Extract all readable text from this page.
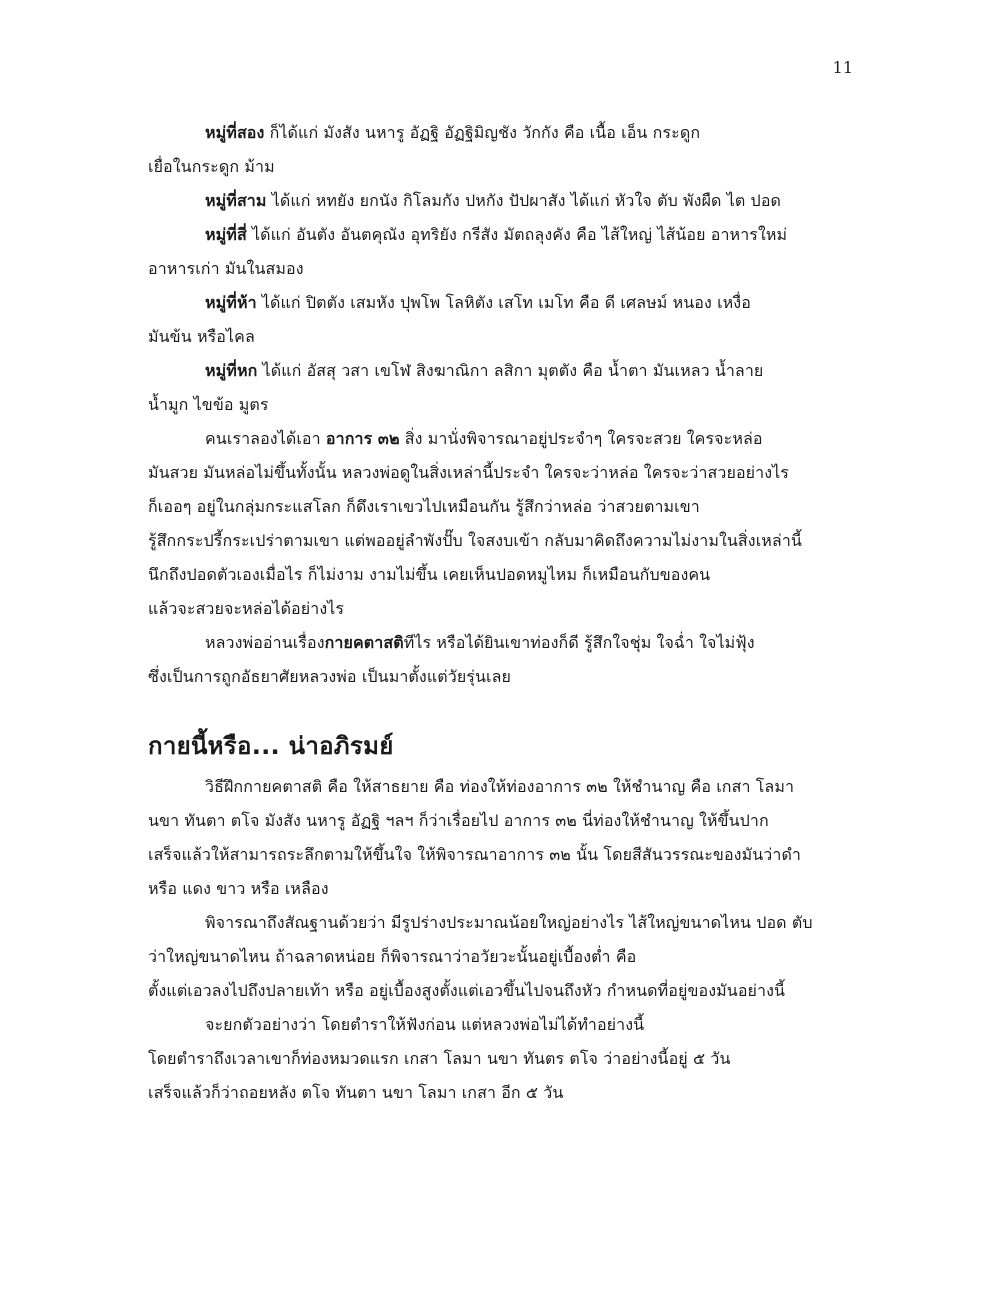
11

หมู่ที่สอง ก็ได้แก่ มังสัง นหารู อัฏฐิ อัฏฐิมิญชัง วักกัง คือ เนื้อ เอ็น กระดูก

เยื่อในกระดูก ม้าม

หมู่ที่สาม ได้แก่ หทยัง ยกนัง กิโลมกัง ปหกัง ปัปผาสัง ได้แก่ หัวใจ ตับ พังผืด ไต ปอด

หมู่ที่สี่ ได้แก่ อันตัง อันตคุณัง อุทริยัง กรีสัง มัตถลุงคัง คือ ไส้ใหญ่ ไส้น้อย อาหารใหม่

อาหารเก่า มันในสมอง

หมู่ที่ห้า ได้แก่ ปิตตัง เสมหัง ปุพโพ โลหิตัง เสโท เมโท คือ ดี เศลษม์ หนอง เหงื่อ

มันข้น หรือไคล

หมู่ที่หก ได้แก่ อัสสุ วสา เขโฬ สิงฆาณิกา ลสิกา มุตตัง คือ น้ำตา มันเหลว น้ำลาย

น้ำมูก ไขข้อ มูตร

คนเราลองได้เอา อาการ ๓๒ สิ่ง มานั่งพิจารณาอยู่ประจำๆ ใครจะสวย ใครจะหล่อ

มันสวย มันหล่อไม่ขึ้นทั้งนั้น หลวงพ่อดูในสิ่งเหล่านี้ประจำ ใครจะว่าหล่อ ใครจะว่าสวยอย่างไร

ก็เออๆ อยู่ในกลุ่มกระแสโลก ก็ดึงเราเขวไปเหมือนกัน รู้สึกว่าหล่อ ว่าสวยตามเขา

รู้สึกกระปรี้กระเปร่าตามเขา แต่พออยู่ลำพังปั๊บ ใจสงบเข้า กลับมาคิดถึงความไม่งามในสิ่งเหล่านี้

นึกถึงปอดตัวเองเมื่อไร ก็ไม่งาม งามไม่ขึ้น เคยเห็นปอดหมูไหม ก็เหมือนกับของคน

แล้วจะสวยจะหล่อได้อย่างไร

หลวงพ่ออ่านเรื่องกายคตาสติทีไร หรือได้ยินเขาท่องก็ดี รู้สึกใจชุ่ม ใจฉ่ำ ใจไม่ฟุ้ง

ซึ่งเป็นการถูกอัธยาศัยหลวงพ่อ เป็นมาตั้งแต่วัยรุ่นเลย

กายนี้หรือ... น่าอภิรมย์

วิธีฝึกกายคตาสติ คือ ให้สาธยาย คือ ท่องให้ท่องอาการ ๓๒ ให้ชำนาญ คือ เกสา โลมา

นขา ทันตา ตโจ มังสัง นหารู อัฏฐิ ฯลฯ ก็ว่าเรื่อยไป อาการ ๓๒ นี่ท่องให้ชำนาญ ให้ขึ้นปาก

เสร็จแล้วให้สามารถระลึกตามให้ขึ้นใจ ให้พิจารณาอาการ ๓๒ นั้น โดยสีสันวรรณะของมันว่าดำ

หรือ แดง ขาว หรือ เหลือง

พิจารณาถึงสัณฐานด้วยว่า มีรูปร่างประมาณน้อยใหญ่อย่างไร ไส้ใหญ่ขนาดไหน ปอด ตับ

ว่าใหญ่ขนาดไหน ถ้าฉลาดหน่อย ก็พิจารณาว่าอวัยวะนั้นอยู่เบื้องต่ำ คือ

ตั้งแต่เอวลงไปถึงปลายเท้า หรือ อยู่เบื้องสูงตั้งแต่เอวขึ้นไปจนถึงหัว กำหนดที่อยู่ของมันอย่างนี้

จะยกตัวอย่างว่า โดยตำราให้ฟังก่อน แต่หลวงพ่อไม่ได้ทำอย่างนี้

โดยตำราถึงเวลาเขาก็ท่องหมวดแรก เกสา โลมา นขา ทันตร ตโจ ว่าอย่างนี้อยู่ ๕ วัน

เสร็จแล้วก็ว่าถอยหลัง ตโจ ทันตา นขา โลมา เกสา อีก ๕ วัน
